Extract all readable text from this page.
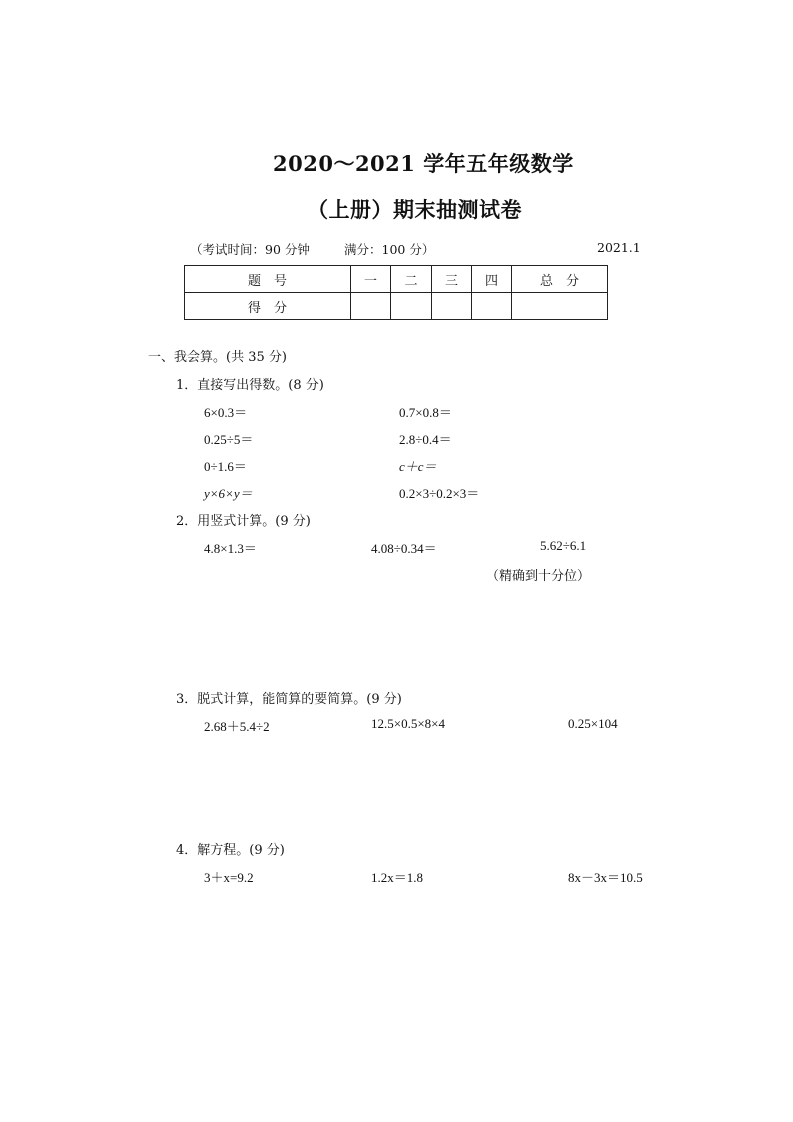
2020～2021 学年五年级数学
（上册）期末抽测试卷
（考试时间：90 分钟	满分：100 分）	2021.1
题　号	一	二	三	四	总　分
得　分					
一、我会算。(共 35 分)
1．直接写出得数。(8 分)
6×0.3＝	0.7×0.8＝
0.25÷5＝	2.8÷0.4＝
0÷1.6＝	c＋c＝
y×6×y＝	0.2×3÷0.2×3＝
2．用竖式计算。(9 分)
4.8×1.3＝	4.08÷0.34＝	5.62÷6.1
（精确到十分位）
3．脱式计算，能简算的要简算。(9 分)
2.68＋5.4÷2	12.5×0.5×8×4	0.25×104
4．解方程。(9 分)
3＋x=9.2	1.2x＝1.8	8x－3x＝10.5
